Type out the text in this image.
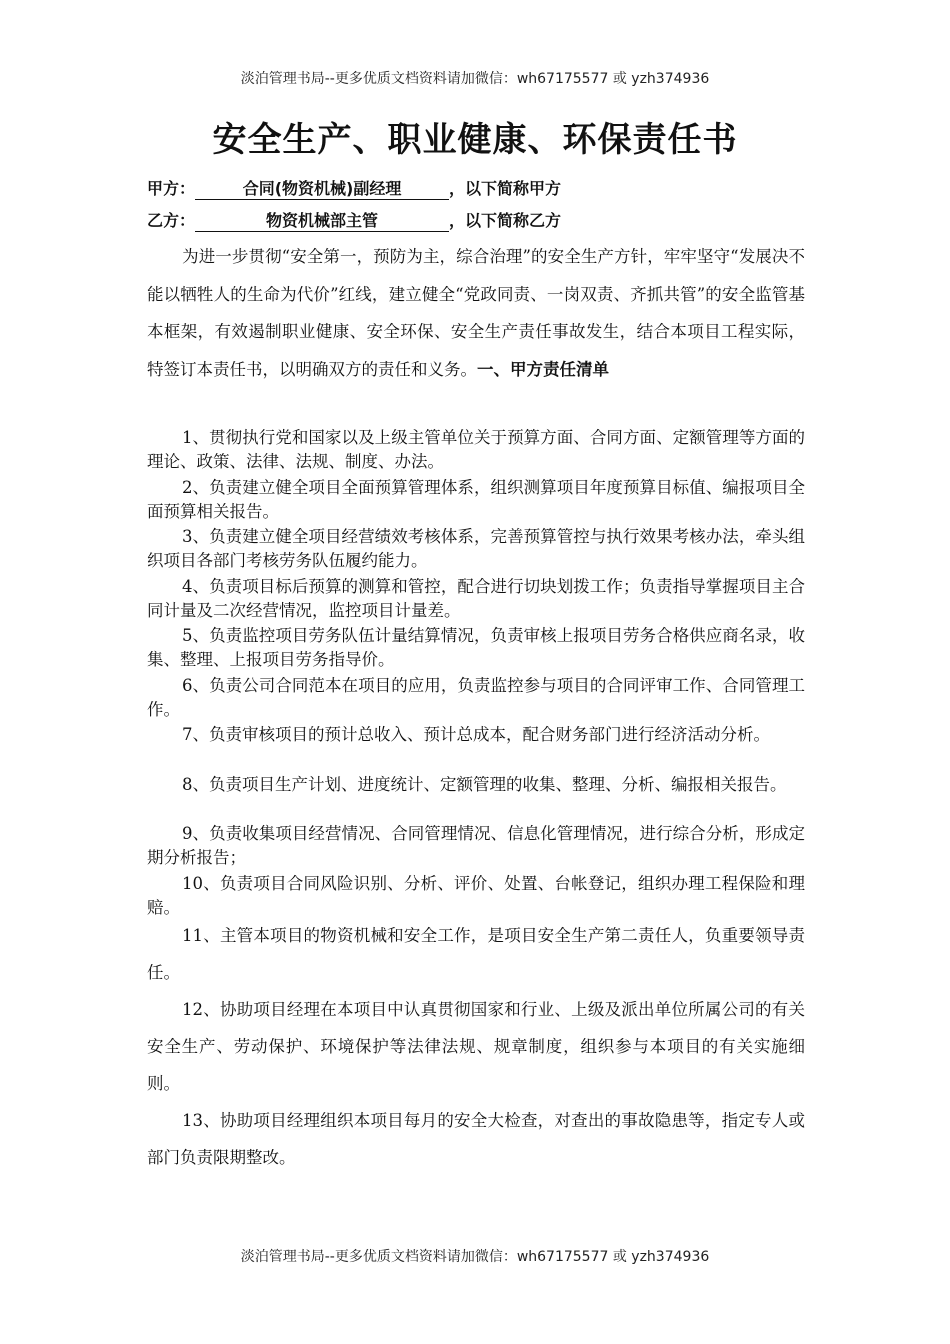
淡泊管理书局--更多优质文档资料请加微信：wh67175577 或 yzh374936
安全生产、职业健康、环保责任书
甲方：	合同(物资机械)副经理	，以下简称甲方
乙方：	物资机械部主管	，以下简称乙方
为进一步贯彻“安全第一，预防为主，综合治理”的安全生产方针，牢牢坚守“发展决不能以牺牲人的生命为代价”红线，建立健全“党政同责、一岗双责、齐抓共管”的安全监管基本框架，有效遏制职业健康、安全环保、安全生产责任事故发生，结合本项目工程实际，特签订本责任书，以明确双方的责任和义务。一、甲方责任清单
1、贯彻执行党和国家以及上级主管单位关于预算方面、合同方面、定额管理等方面的理论、政策、法律、法规、制度、办法。
2、负责建立健全项目全面预算管理体系，组织测算项目年度预算目标值、编报项目全面预算相关报告。
3、负责建立健全项目经营绩效考核体系，完善预算管控与执行效果考核办法，牵头组织项目各部门考核劳务队伍履约能力。
4、负责项目标后预算的测算和管控，配合进行切块划拨工作；负责指导掌握项目主合同计量及二次经营情况，监控项目计量差。
5、负责监控项目劳务队伍计量结算情况，负责审核上报项目劳务合格供应商名录，收集、整理、上报项目劳务指导价。
6、负责公司合同范本在项目的应用，负责监控参与项目的合同评审工作、合同管理工作。
7、负责审核项目的预计总收入、预计总成本，配合财务部门进行经济活动分析。
8、负责项目生产计划、进度统计、定额管理的收集、整理、分析、编报相关报告。
9、负责收集项目经营情况、合同管理情况、信息化管理情况，进行综合分析，形成定期分析报告；
10、负责项目合同风险识别、分析、评价、处置、台帐登记，组织办理工程保险和理赔。
11、主管本项目的物资机械和安全工作，是项目安全生产第二责任人，负重要领导责任。
12、协助项目经理在本项目中认真贯彻国家和行业、上级及派出单位所属公司的有关安全生产、劳动保护、环境保护等法律法规、规章制度，组织参与本项目的有关实施细则。
13、协助项目经理组织本项目每月的安全大检查，对查出的事故隐患等，指定专人或部门负责限期整改。
淡泊管理书局--更多优质文档资料请加微信：wh67175577 或 yzh374936
